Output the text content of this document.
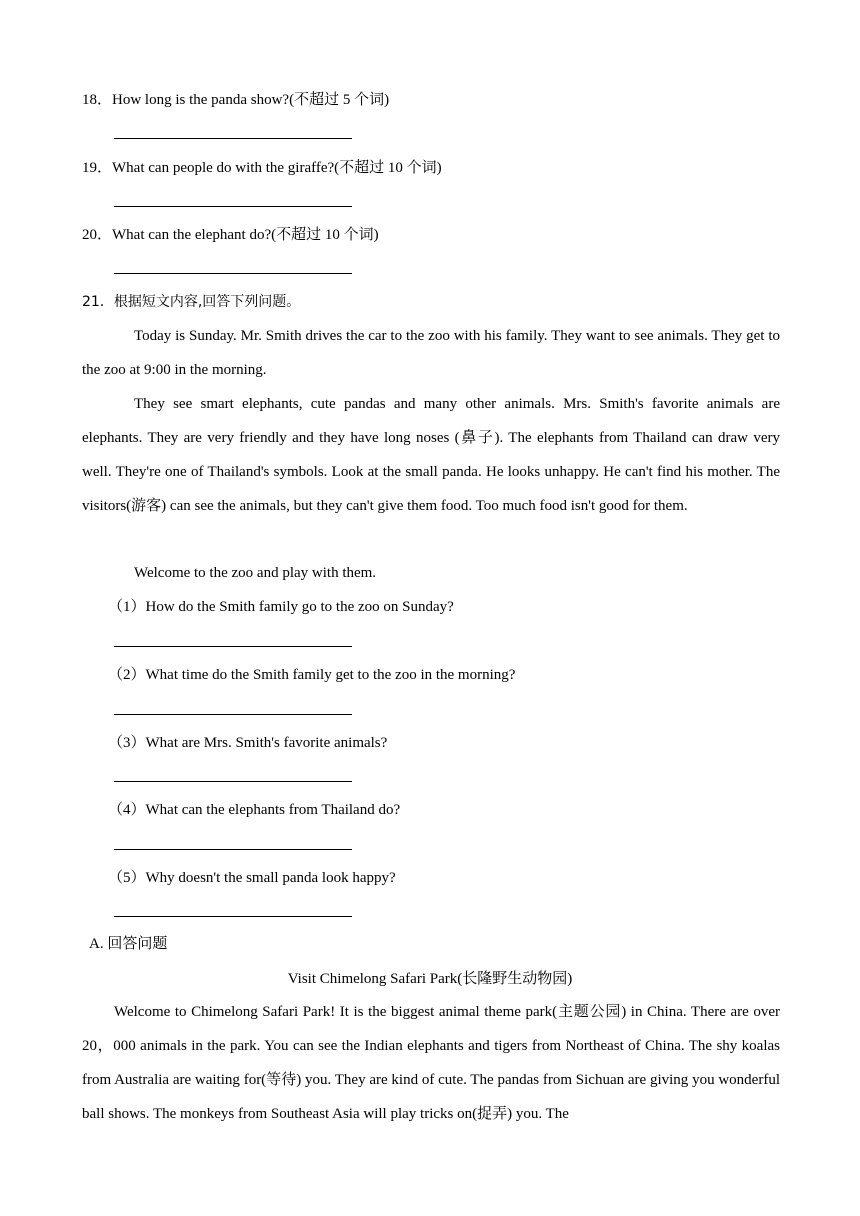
18．How long is the panda show?(不超过 5 个词)
19．What can people do with the giraffe?(不超过 10 个词)
20．What can the elephant do?(不超过 10 个词)
21．根据短文内容,回答下列问题。
Today is Sunday. Mr. Smith drives the car to the zoo with his family. They want to see animals. They get to the zoo at 9:00 in the morning.
They see smart elephants, cute pandas and many other animals. Mrs. Smith's favorite animals are elephants. They are very friendly and they have long noses (鼻子). The elephants from Thailand can draw very well. They're one of Thailand's symbols. Look at the small panda. He looks unhappy. He can't find his mother. The visitors(游客) can see the animals, but they can't give them food. Too much food isn't good for them.
Welcome to the zoo and play with them.
（1）How do the Smith family go to the zoo on Sunday?
（2）What time do the Smith family get to the zoo in the morning?
（3）What are Mrs. Smith's favorite animals?
（4）What can the elephants from Thailand do?
（5）Why doesn't the small panda look happy?
A. 回答问题
Visit Chimelong Safari Park(长隆野生动物园)
Welcome to Chimelong Safari Park! It is the biggest animal theme park(主题公园) in China. There are over 20，000 animals in the park. You can see the Indian elephants and tigers from Northeast of China. The shy koalas from Australia are waiting for(等待) you. They are kind of cute. The pandas from Sichuan are giving you wonderful ball shows. The monkeys from Southeast Asia will play tricks on(捉弄) you. The
